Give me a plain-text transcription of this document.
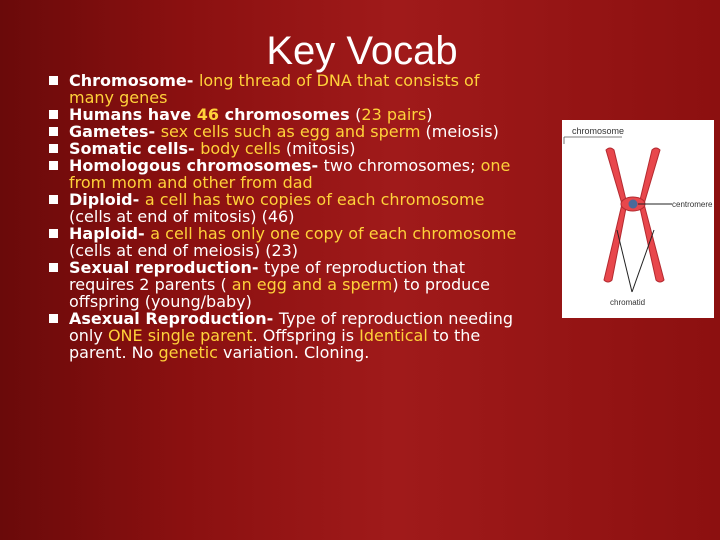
Key Vocab
Chromosome- long thread of DNA that consists of many genes
Humans have 46 chromosomes (23 pairs)
Gametes- sex cells such as egg and sperm (meiosis)
Somatic cells- body cells (mitosis)
Homologous chromosomes- two chromosomes; one from mom and other from dad
Diploid- a cell has two copies of each chromosome (cells at end of mitosis) (46)
Haploid- a cell has only one copy of each chromosome (cells at end of meiosis) (23)
Sexual reproduction- type of reproduction that requires 2 parents ( an egg and a sperm) to produce offspring (young/baby)
Asexual Reproduction- Type of reproduction needing only ONE single parent. Offspring is Identical to the parent. No genetic variation. Cloning.
chromosome
centromere
chromatid
